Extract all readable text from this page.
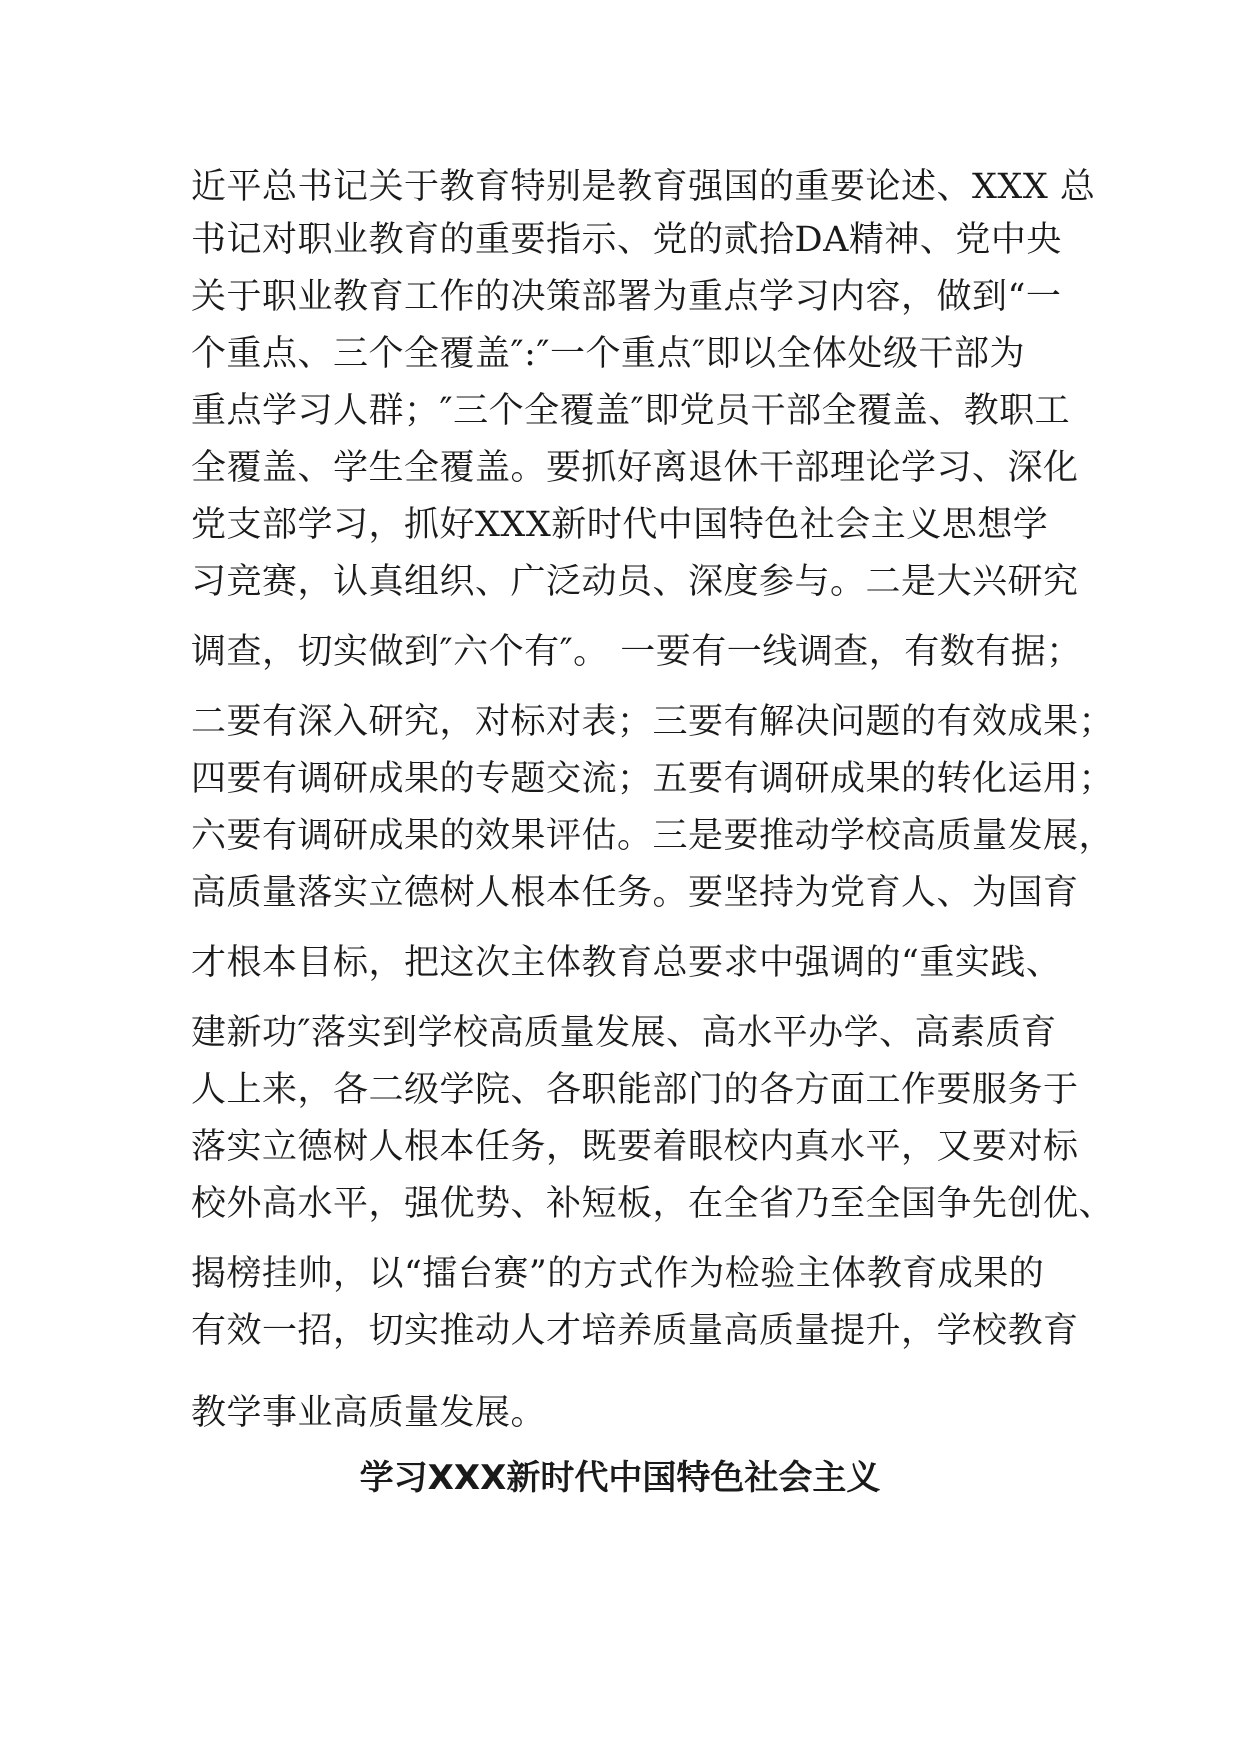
近平总书记关于教育特别是教育强国的重要论述、XXX 总
书记对职业教育的重要指示、党的贰拾DA精神、党中央
关于职业教育工作的决策部署为重点学习内容，做到“一
个重点、三个全覆盖″:″一个重点″即以全体处级干部为
重点学习人群；″三个全覆盖″即党员干部全覆盖、教职工
全覆盖、学生全覆盖。要抓好离退休干部理论学习、深化
党支部学习，抓好XXX新时代中国特色社会主义思想学
习竞赛，认真组织、广泛动员、深度参与。二是大兴研究
调查，切实做到″六个有″。 一要有一线调查，有数有据；
二要有深入研究，对标对表；三要有解决问题的有效成果；
四要有调研成果的专题交流；五要有调研成果的转化运用；
六要有调研成果的效果评估。三是要推动学校高质量发展，
高质量落实立德树人根本任务。要坚持为党育人、为国育
才根本目标，把这次主体教育总要求中强调的“重实践、
建新功″落实到学校高质量发展、高水平办学、高素质育
人上来，各二级学院、各职能部门的各方面工作要服务于
落实立德树人根本任务，既要着眼校内真水平，又要对标
校外高水平，强优势、补短板，在全省乃至全国争先创优、
揭榜挂帅，以“擂台赛”的方式作为检验主体教育成果的
有效一招，切实推动人才培养质量高质量提升，学校教育
教学事业高质量发展。
学习XXX新时代中国特色社会主义
